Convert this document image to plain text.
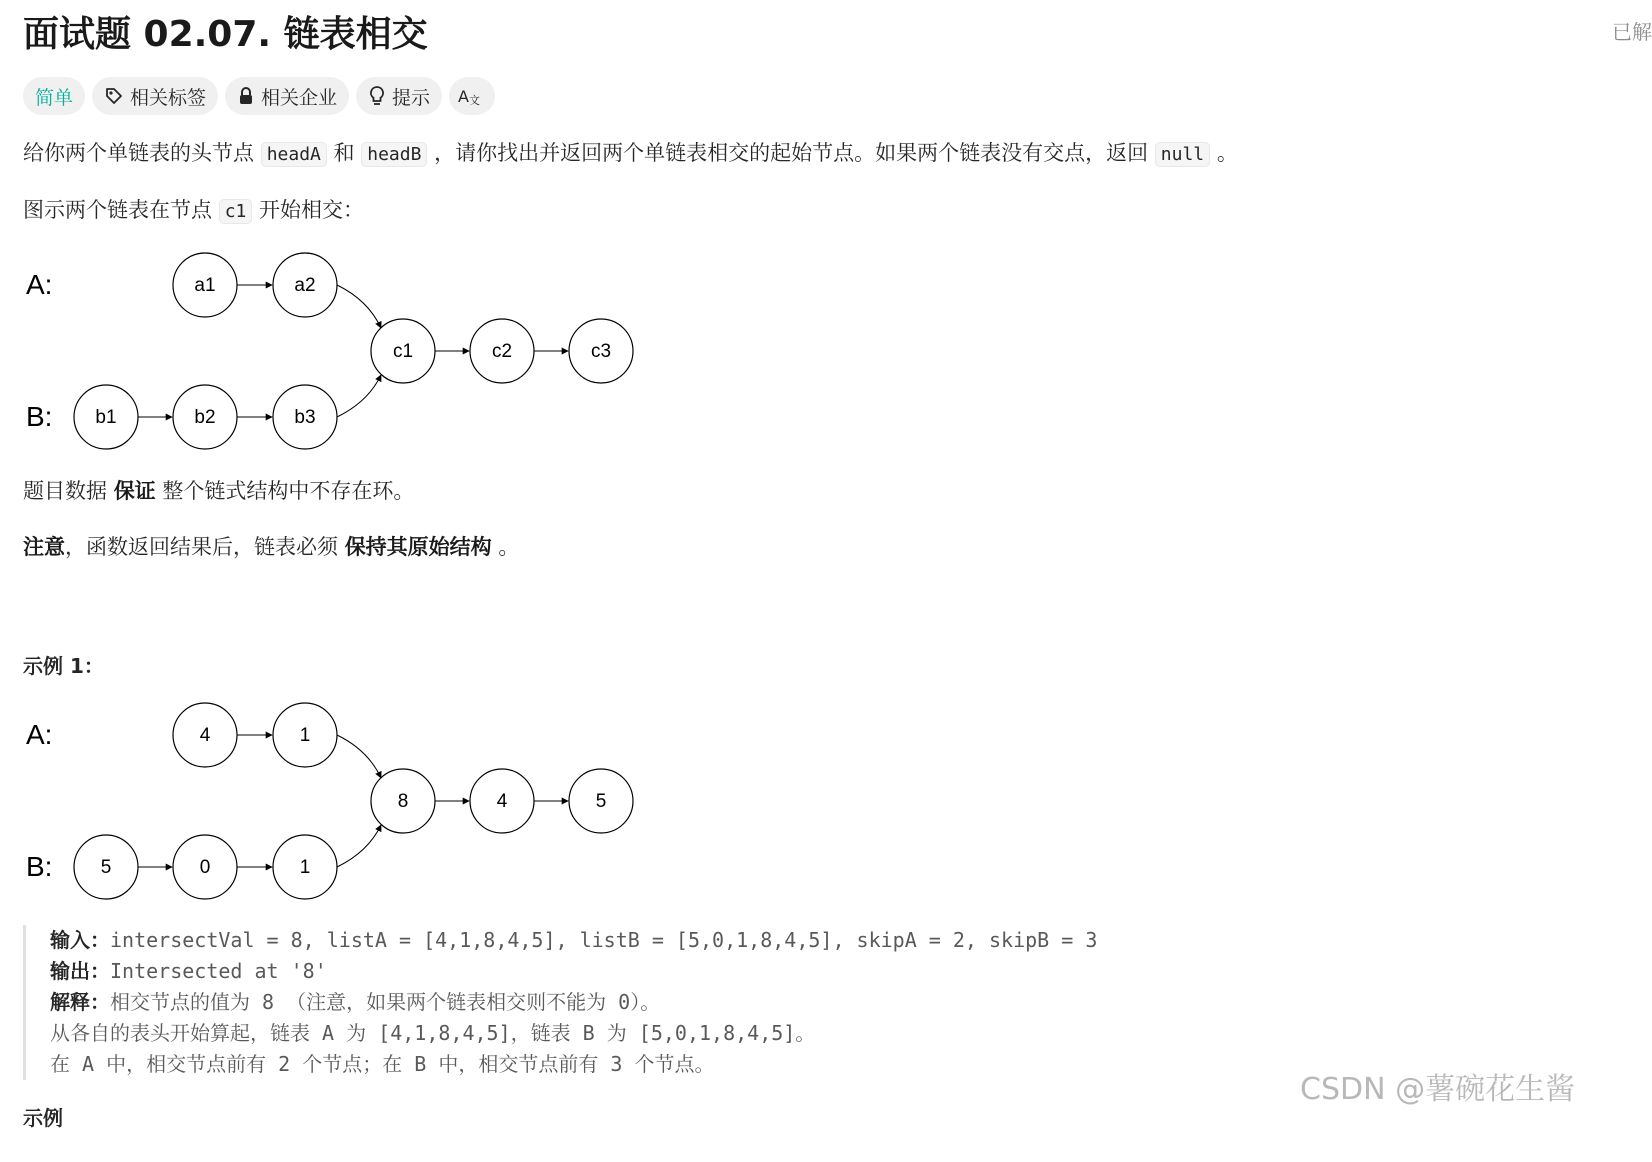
面试题 02.07. 链表相交	已解
简单	相关标签	相关企业	提示 A 文

给你两个单链表的头节点 headA 和 headB ，请你找出并返回两个单链表相交的起始节点。如果两个链表没有交点，返回 null 。

图示两个链表在节点 c1 开始相交：

A:
B:
a1	a2
c1	c2	c3
b1	b2	b3

题目数据 保证 整个链式结构中不存在环。

注意，函数返回结果后，链表必须 保持其原始结构 。

示例 1：
A:
B:
4	1
8	4	5
5	0	1
输入：intersectVal = 8, listA = [4,1,8,4,5], listB = [5,0,1,8,4,5], skipA = 2, skipB = 3
输出：Intersected at '8'
解释：相交节点的值为 8 （注意，如果两个链表相交则不能为 0）。
从各自的表头开始算起，链表 A 为 [4,1,8,4,5]，链表 B 为 [5,0,1,8,4,5]。
在 A 中，相交节点前有 2 个节点；在 B 中，相交节点前有 3 个节点。
示例
CSDN @薯碗花生酱
